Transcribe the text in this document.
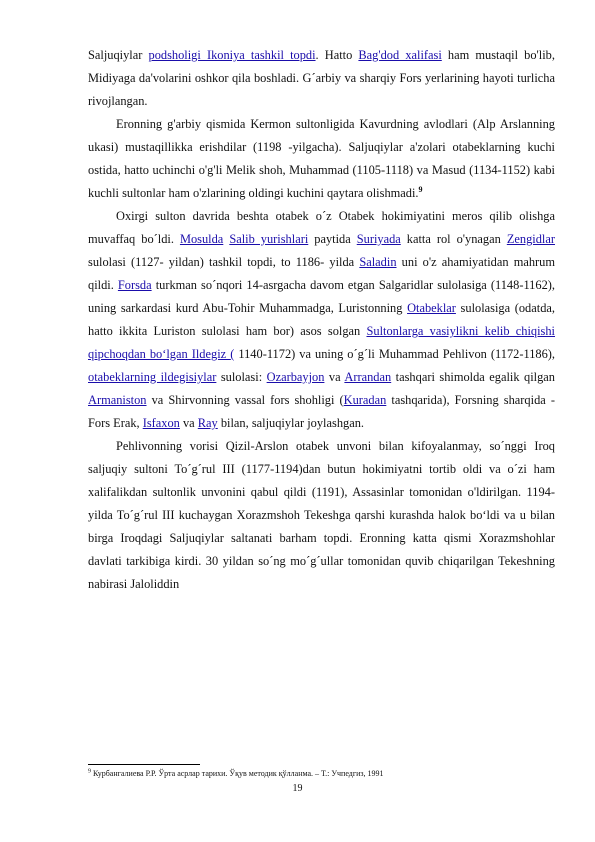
Saljuqiylar podsholigi Ikoniya tashkil topdi. Hatto Bag'dod xalifasi ham mustaqil bo'lib, Midiyaga da'volarini oshkor qila boshladi. G´arbiy va sharqiy Fors yerlarining hayoti turlicha rivojlangan.

Eronning g'arbiy qismida Kermon sultonligida Kavurdning avlodlari (Alp Arslanning ukasi) mustaqillikka erishdilar (1198 -yilgacha). Saljuqiylar a'zolari otabeklarning kuchi ostida, hatto uchinchi o'g'li Melik shoh, Muhammad (1105-1118) va Masud (1134-1152) kabi kuchli sultonlar ham o'zlarining oldingi kuchini qaytara olishmadi.$^9$

Oxirgi sulton davrida beshta otabek o´z Otabek hokimiyatini meros qilib olishga muvaffaq bo´ldi. Mosulda Salib yurishlari paytida Suriyada katta rol o'ynagan Zengidlar sulolasi (1127- yildan) tashkil topdi, to 1186- yilda Saladin uni o'z ahamiyatidan mahrum qildi. Forsda turkman so´nqori 14-asrgacha davom etgan Salgaridlar sulolasiga (1148-1162), uning sarkardasi kurd Abu-Tohir Muhammadga, Luristonning Otabeklar sulolasiga (odatda, hatto ikkita Luriston sulolasi ham bor) asos solgan Sultonlarga vasiylikni kelib chiqishi qipchoqdan bo‘lgan Ildegiz ( 1140-1172) va uning o´g´li Muhammad Pehlivon (1172-1186), otabeklarning ildegisiylar sulolasi: Ozarbayjon va Arrandan tashqari shimolda egalik qilgan Armaniston va Shirvonning vassal fors shohligi (Kuradan tashqarida), Forsning sharqida - Fors Erak, Isfaxon va Ray bilan, saljuqiylar joylashgan.

Pehlivonning vorisi Qizil-Arslon otabek unvoni bilan kifoyalanmay, so´nggi Iroq saljuqiy sultoni To´g´rul III (1177-1194)dan butun hokimiyatni tortib oldi va o´zi ham xalifalikdan sultonlik unvonini qabul qildi (1191), Assasinlar tomonidan o'ldirilgan. 1194-yilda To´g´rul III kuchaygan Xorazmshoh Tekeshga qarshi kurashda halok bo‘ldi va u bilan birga Iroqdagi Saljuqiylar saltanati barham topdi. Eronning katta qismi Xorazmshohlar davlati tarkibiga kirdi. 30 yildan so´ng mo´g´ullar tomonidan quvib chiqarilgan Tekeshning nabirasi Jaloliddin

$^9$ Курбангалиева Р.Р. Ўрта асрлар тарихи. Ўқув методик қўлланма. – Т.: Учпедгиз, 1991
19
